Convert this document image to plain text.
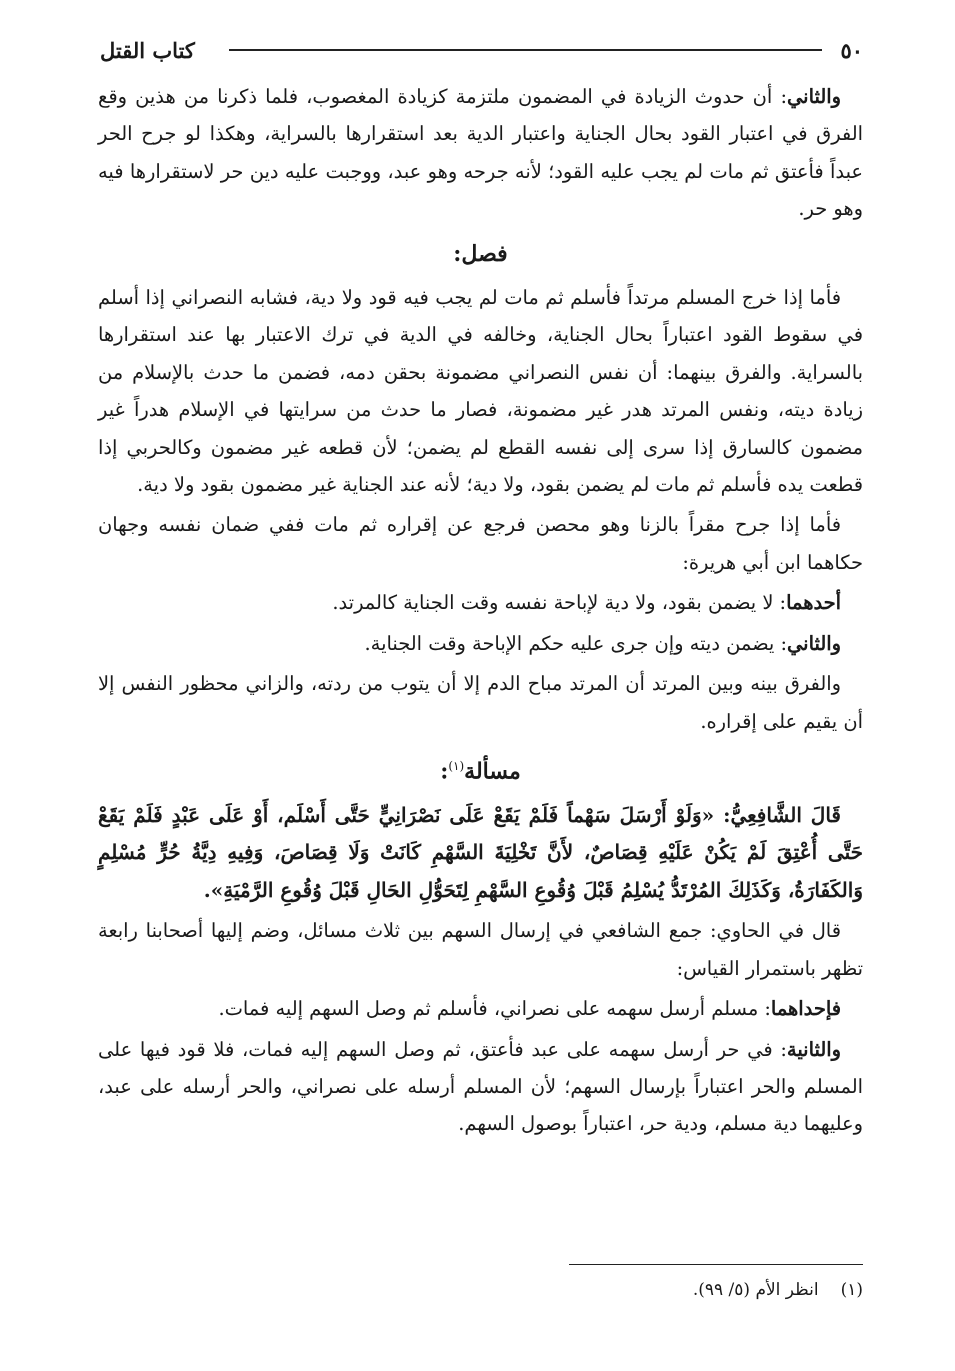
٥٠
كتاب القتل

والثاني: أن حدوث الزيادة في المضمون ملتزمة كزيادة المغصوب، فلما ذكرنا من هذين وقع الفرق في اعتبار القود بحال الجناية واعتبار الدية بعد استقرارها بالسراية، وهكذا لو جرح الحر عبداً فأعتق ثم مات لم يجب عليه القود؛ لأنه جرحه وهو عبد، ووجبت عليه دين حر لاستقرارها فيه وهو حر.

فصل:

فأما إذا خرج المسلم مرتداً فأسلم ثم مات لم يجب فيه قود ولا دية، فشابه النصراني إذا أسلم في سقوط القود اعتباراً بحال الجناية، وخالفه في الدية في ترك الاعتبار بها عند استقرارها بالسراية. والفرق بينهما: أن نفس النصراني مضمونة بحقن دمه، فضمن ما حدث بالإسلام من زيادة ديته، ونفس المرتد هدر غير مضمونة، فصار ما حدث من سرايتها في الإسلام هدراً غير مضمون كالسارق إذا سرى إلى نفسه القطع لم يضمن؛ لأن قطعه غير مضمون وكالحربي إذا قطعت يده فأسلم ثم مات لم يضمن بقود، ولا دية؛ لأنه عند الجناية غير مضمون بقود ولا دية.

فأما إذا جرح مقراً بالزنا وهو محصن فرجع عن إقراره ثم مات ففي ضمان نفسه وجهان حكاهما ابن أبي هريرة:

أحدهما: لا يضمن بقود، ولا دية لإباحة نفسه وقت الجناية كالمرتد.

والثاني: يضمن ديته وإن جرى عليه حكم الإباحة وقت الجناية.

والفرق بينه وبين المرتد أن المرتد مباح الدم إلا أن يتوب من ردته، والزاني محظور النفس إلا أن يقيم على إقراره.

مسألة$^{(١)}$:

قَالَ الشَّافِعِيُّ: «وَلَوْ أَرْسَلَ سَهْماً فَلَمْ يَقَعْ عَلَى نَصْرَانِيٍّ حَتَّى أَسْلَم، أَوْ عَلَى عَبْدٍ فَلَمْ يَقَعْ حَتَّى أُعْتِقَ لَمْ يَكُنْ عَلَيْهِ قِصَاصٌ، لأَنَّ تَخْلِيَةَ السَّهْمِ كَانَتْ وَلَا قِصَاصَ، وَفِيهِ دِيَّةُ حُرٍّ مُسْلِمٍ وَالكَفَارَةُ، وَكَذَلِكَ المُرْتَدُّ يُسْلِمُ قَبْلَ وُقُوعِ السَّهْمِ لِتَحَوُّلِ الحَالِ قَبْلَ وُقُوعِ الرَّمْيَةِ».

قال في الحاوي: جمع الشافعي في إرسال السهم بين ثلاث مسائل، وضم إليها أصحابنا رابعة تظهر باستمرار القياس:

فإحداهما: مسلم أرسل سهمه على نصراني، فأسلم ثم وصل السهم إليه فمات.

والثانية: في حر أرسل سهمه على عبد فأعتق، ثم وصل السهم إليه فمات، فلا قود فيها على المسلم والحر اعتباراً بإرسال السهم؛ لأن المسلم أرسله على نصراني، والحر أرسله على عبد، وعليهما دية مسلم، ودية حر، اعتباراً بوصول السهم.

(١)انظر الأم (٥/ ٩٩).
